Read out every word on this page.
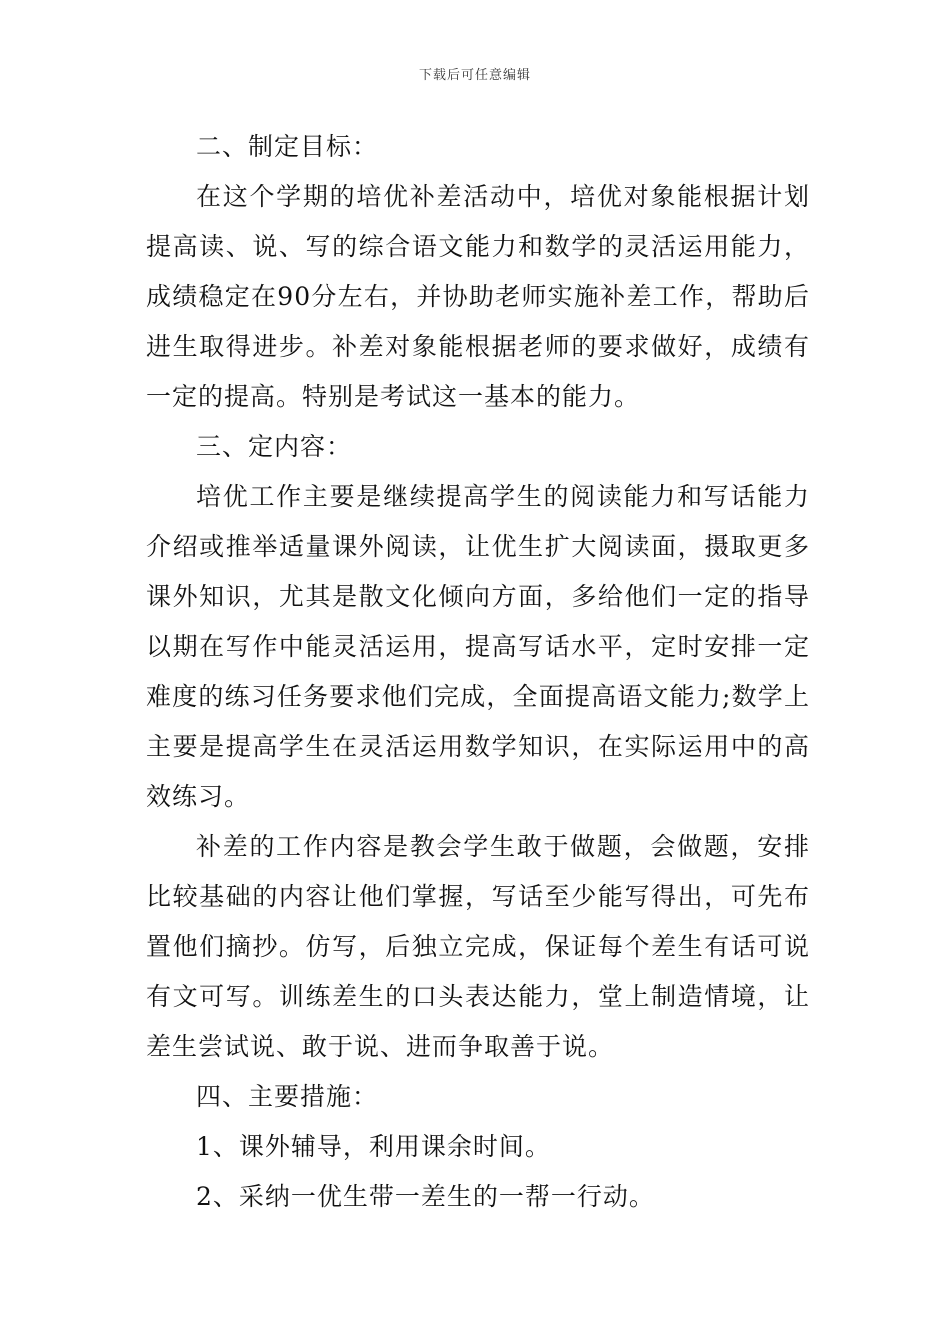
下载后可任意编辑

二、制定目标：

在这个学期的培优补差活动中，培优对象能根据计划提高读、说、写的综合语文能力和数学的灵活运用能力，成绩稳定在90分左右，并协助老师实施补差工作，帮助后进生取得进步。补差对象能根据老师的要求做好，成绩有一定的提高。特别是考试这一基本的能力。

三、定内容：

培优工作主要是继续提高学生的阅读能力和写话能力介绍或推举适量课外阅读，让优生扩大阅读面，摄取更多课外知识，尤其是散文化倾向方面，多给他们一定的指导以期在写作中能灵活运用，提高写话水平，定时安排一定难度的练习任务要求他们完成，全面提高语文能力;数学上主要是提高学生在灵活运用数学知识，在实际运用中的高效练习。

补差的工作内容是教会学生敢于做题，会做题，安排比较基础的内容让他们掌握，写话至少能写得出，可先布置他们摘抄。仿写，后独立完成，保证每个差生有话可说有文可写。训练差生的口头表达能力，堂上制造情境，让差生尝试说、敢于说、进而争取善于说。

四、主要措施：

1、课外辅导，利用课余时间。

2、采纳一优生带一差生的一帮一行动。
